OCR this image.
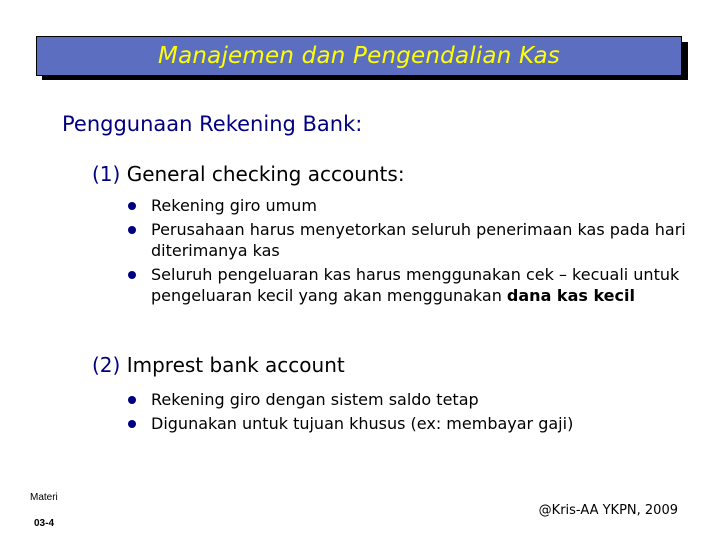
Manajemen dan Pengendalian Kas
Penggunaan Rekening Bank:
(1) General checking accounts:
Rekening giro umum
Perusahaan harus menyetorkan seluruh penerimaan kas pada hari diterimanya kas
Seluruh pengeluaran kas harus menggunakan cek – kecuali untuk pengeluaran kecil yang akan menggunakan dana kas kecil
(2) Imprest bank account
Rekening giro dengan sistem saldo tetap
Digunakan untuk tujuan khusus (ex: membayar gaji)
Materi
03-4
@Kris-AA YKPN, 2009
